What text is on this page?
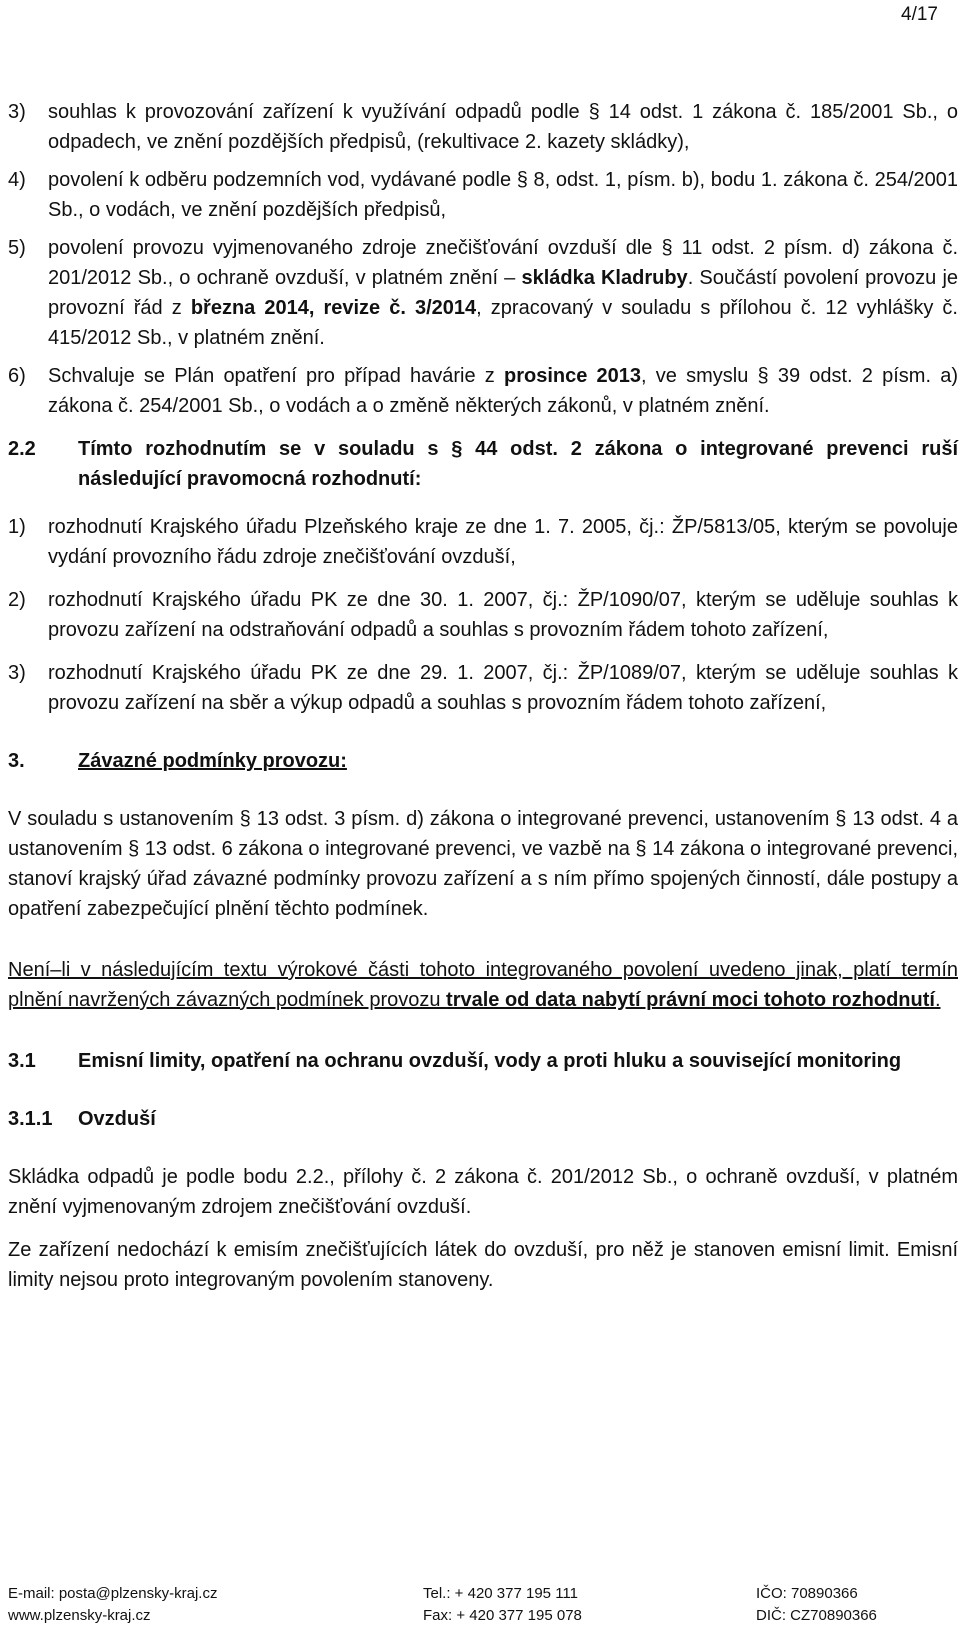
4/17
3) souhlas k provozování zařízení k využívání odpadů podle § 14 odst. 1 zákona č. 185/2001 Sb., o odpadech, ve znění pozdějších předpisů, (rekultivace 2. kazety skládky),
4) povolení k odběru podzemních vod, vydávané podle § 8, odst. 1, písm. b), bodu 1. zákona č. 254/2001 Sb., o vodách, ve znění pozdějších předpisů,
5) povolení provozu vyjmenovaného zdroje znečišťování ovzduší dle § 11 odst. 2 písm. d) zákona č. 201/2012 Sb., o ochraně ovzduší, v platném znění – skládka Kladruby. Součástí povolení provozu je provozní řád z března 2014, revize č. 3/2014, zpracovaný v souladu s přílohou č. 12 vyhlášky č. 415/2012 Sb., v platném znění.
6) Schvaluje se Plán opatření pro případ havárie z prosince 2013, ve smyslu § 39 odst. 2 písm. a) zákona č. 254/2001 Sb., o vodách a o změně některých zákonů, v platném znění.
2.2 Tímto rozhodnutím se v souladu s § 44 odst. 2 zákona o integrované prevenci ruší následující pravomocná rozhodnutí:
1) rozhodnutí Krajského úřadu Plzeňského kraje ze dne 1. 7. 2005, čj.: ŽP/5813/05, kterým se povoluje vydání provozního řádu zdroje znečišťování ovzduší,
2) rozhodnutí Krajského úřadu PK ze dne 30. 1. 2007, čj.: ŽP/1090/07, kterým se uděluje souhlas k provozu zařízení na odstraňování odpadů a souhlas s provozním řádem tohoto zařízení,
3) rozhodnutí Krajského úřadu PK ze dne 29. 1. 2007, čj.: ŽP/1089/07, kterým se uděluje souhlas k provozu zařízení na sběr a výkup odpadů a souhlas s provozním řádem tohoto zařízení,
3.	Závazné podmínky provozu:
V souladu s ustanovením § 13 odst. 3 písm. d) zákona o integrované prevenci, ustanovením § 13 odst. 4 a ustanovením § 13 odst. 6 zákona o integrované prevenci, ve vazbě na § 14 zákona o integrované prevenci, stanoví krajský úřad závazné podmínky provozu zařízení a s ním přímo spojených činností, dále postupy a opatření zabezpečující plnění těchto podmínek.
Není–li v následujícím textu výrokové části tohoto integrovaného povolení uvedeno jinak, platí termín plnění navržených závazných podmínek provozu trvale od data nabytí právní moci tohoto rozhodnutí.
3.1 Emisní limity, opatření na ochranu ovzduší, vody a proti hluku a související monitoring
3.1.1 Ovzduší
Skládka odpadů je podle bodu 2.2., přílohy č. 2 zákona č. 201/2012 Sb., o ochraně ovzduší, v platném znění vyjmenovaným zdrojem znečišťování ovzduší.
Ze zařízení nedochází k emisím znečišťujících látek do ovzduší, pro něž je stanoven emisní limit. Emisní limity nejsou proto integrovaným povolením stanoveny.
E-mail: posta@plzensky-kraj.cz
www.plzensky-kraj.cz
Tel.: + 420 377 195 111
Fax: + 420 377 195 078
IČO: 70890366
DIČ: CZ70890366
